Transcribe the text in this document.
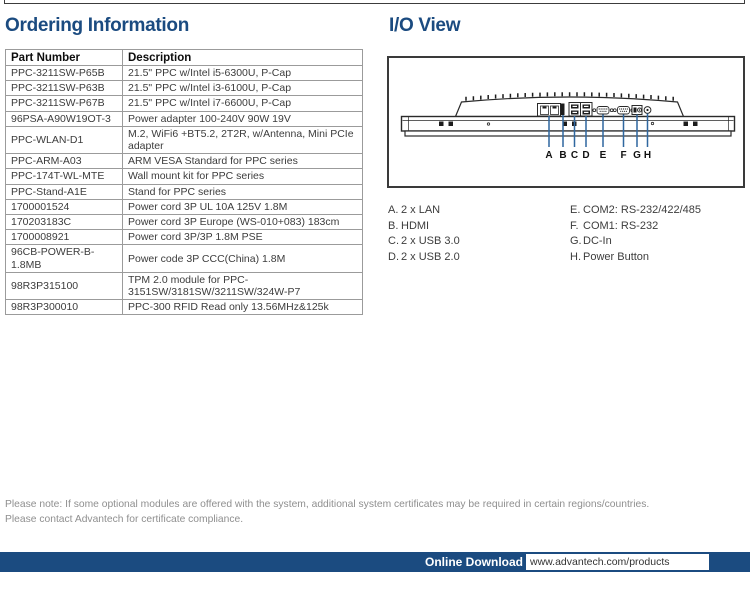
Ordering Information
Part Number	Description
PPC-3211SW-P65B	21.5" PPC w/Intel i5-6300U, P-Cap
PPC-3211SW-P63B	21.5" PPC w/Intel i3-6100U, P-Cap
PPC-3211SW-P67B	21.5" PPC w/Intel i7-6600U, P-Cap
96PSA-A90W19OT-3	Power adapter 100-240V 90W 19V
PPC-WLAN-D1	M.2, WiFi6 +BT5.2, 2T2R, w/Antenna, Mini PCIe adapter
PPC-ARM-A03	ARM VESA Standard for PPC series
PPC-174T-WL-MTE	Wall mount kit for PPC series
PPC-Stand-A1E	Stand for PPC series
1700001524	Power cord 3P UL 10A 125V 1.8M
170203183C	Power cord 3P Europe (WS-010+083) 183cm
1700008921	Power cord 3P/3P 1.8M PSE
96CB-POWER-B-1.8MB	Power code 3P CCC(China) 1.8M
98R3P315100	TPM 2.0 module for PPC-3151SW/3181SW/3211SW/324W-P7
98R3P300010	PPC-300 RFID Read only 13.56MHz&125k
I/O View
A B C D	E	F G H
A. 2 x LAN
B. HDMI
C. 2 x USB 3.0
D. 2 x USB 2.0
E. COM2: RS-232/422/485
F. COM1: RS-232
G.DC-In
H. Power Button
Please note: If some optional modules are offered with the system, additional system certificates may be required in certain regions/countries.
Please contact Advantech for certificate compliance.
Online Download www.advantech.com/products
